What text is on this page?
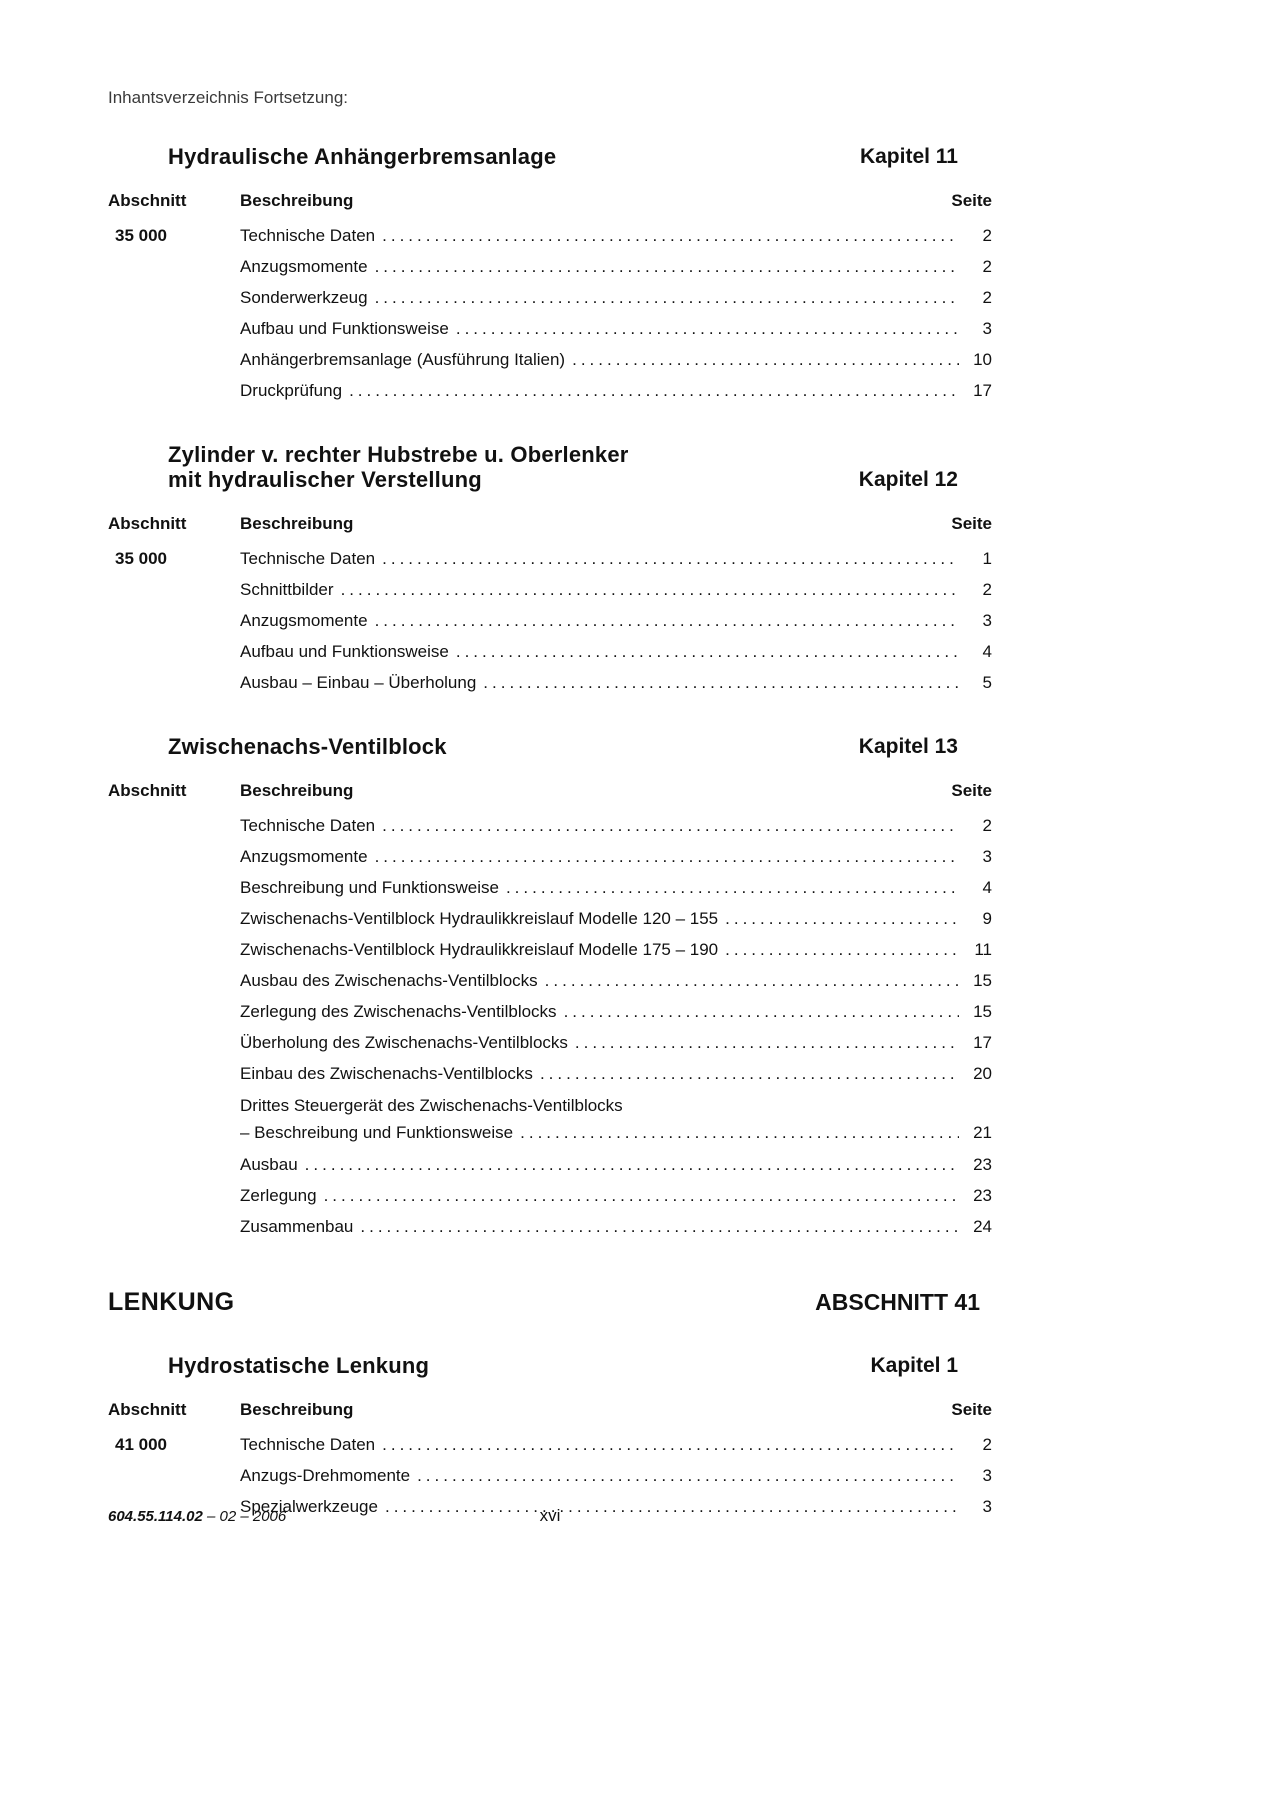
Inhantsverzeichnis Fortsetzung:
Hydraulische Anhängerbremsanlage	Kapitel 11
Abschnitt	Beschreibung	Seite
35 000	Technische Daten .....	2
Anzugsmomente .....	2
Sonderwerkzeug .....	2
Aufbau und Funktionsweise .....	3
Anhängerbremsanlage (Ausführung Italien) .....	10
Druckprüfung .....	17
Zylinder v. rechter Hubstrebe u. Oberlenker
mit hydraulischer Verstellung	Kapitel 12
Abschnitt	Beschreibung	Seite
35 000	Technische Daten .....	1
Schnittbilder .....	2
Anzugsmomente .....	3
Aufbau und Funktionsweise .....	4
Ausbau – Einbau – Überholung .....	5
Zwischenachs-Ventilblock	Kapitel 13
Abschnitt	Beschreibung	Seite
Technische Daten .....	2
Anzugsmomente .....	3
Beschreibung und Funktionsweise .....	4
Zwischenachs-Ventilblock Hydraulikkreislauf Modelle 120 – 155 .....	9
Zwischenachs-Ventilblock Hydraulikkreislauf Modelle 175 – 190 .....	11
Ausbau des Zwischenachs-Ventilblocks .....	15
Zerlegung des Zwischenachs-Ventilblocks .....	15
Überholung des Zwischenachs-Ventilblocks .....	17
Einbau des Zwischenachs-Ventilblocks .....	20
Drittes Steuergerät des Zwischenachs-Ventilblocks
– Beschreibung und Funktionsweise .....	21
Ausbau .....	23
Zerlegung .....	23
Zusammenbau .....	24
LENKUNG	ABSCHNITT 41
Hydrostatische Lenkung	Kapitel 1
Abschnitt	Beschreibung	Seite
41 000	Technische Daten .....	2
Anzugs-Drehmomente .....	3
Spezialwerkzeuge .....	3
604.55.114.02 – 02 – 2006	xvi
